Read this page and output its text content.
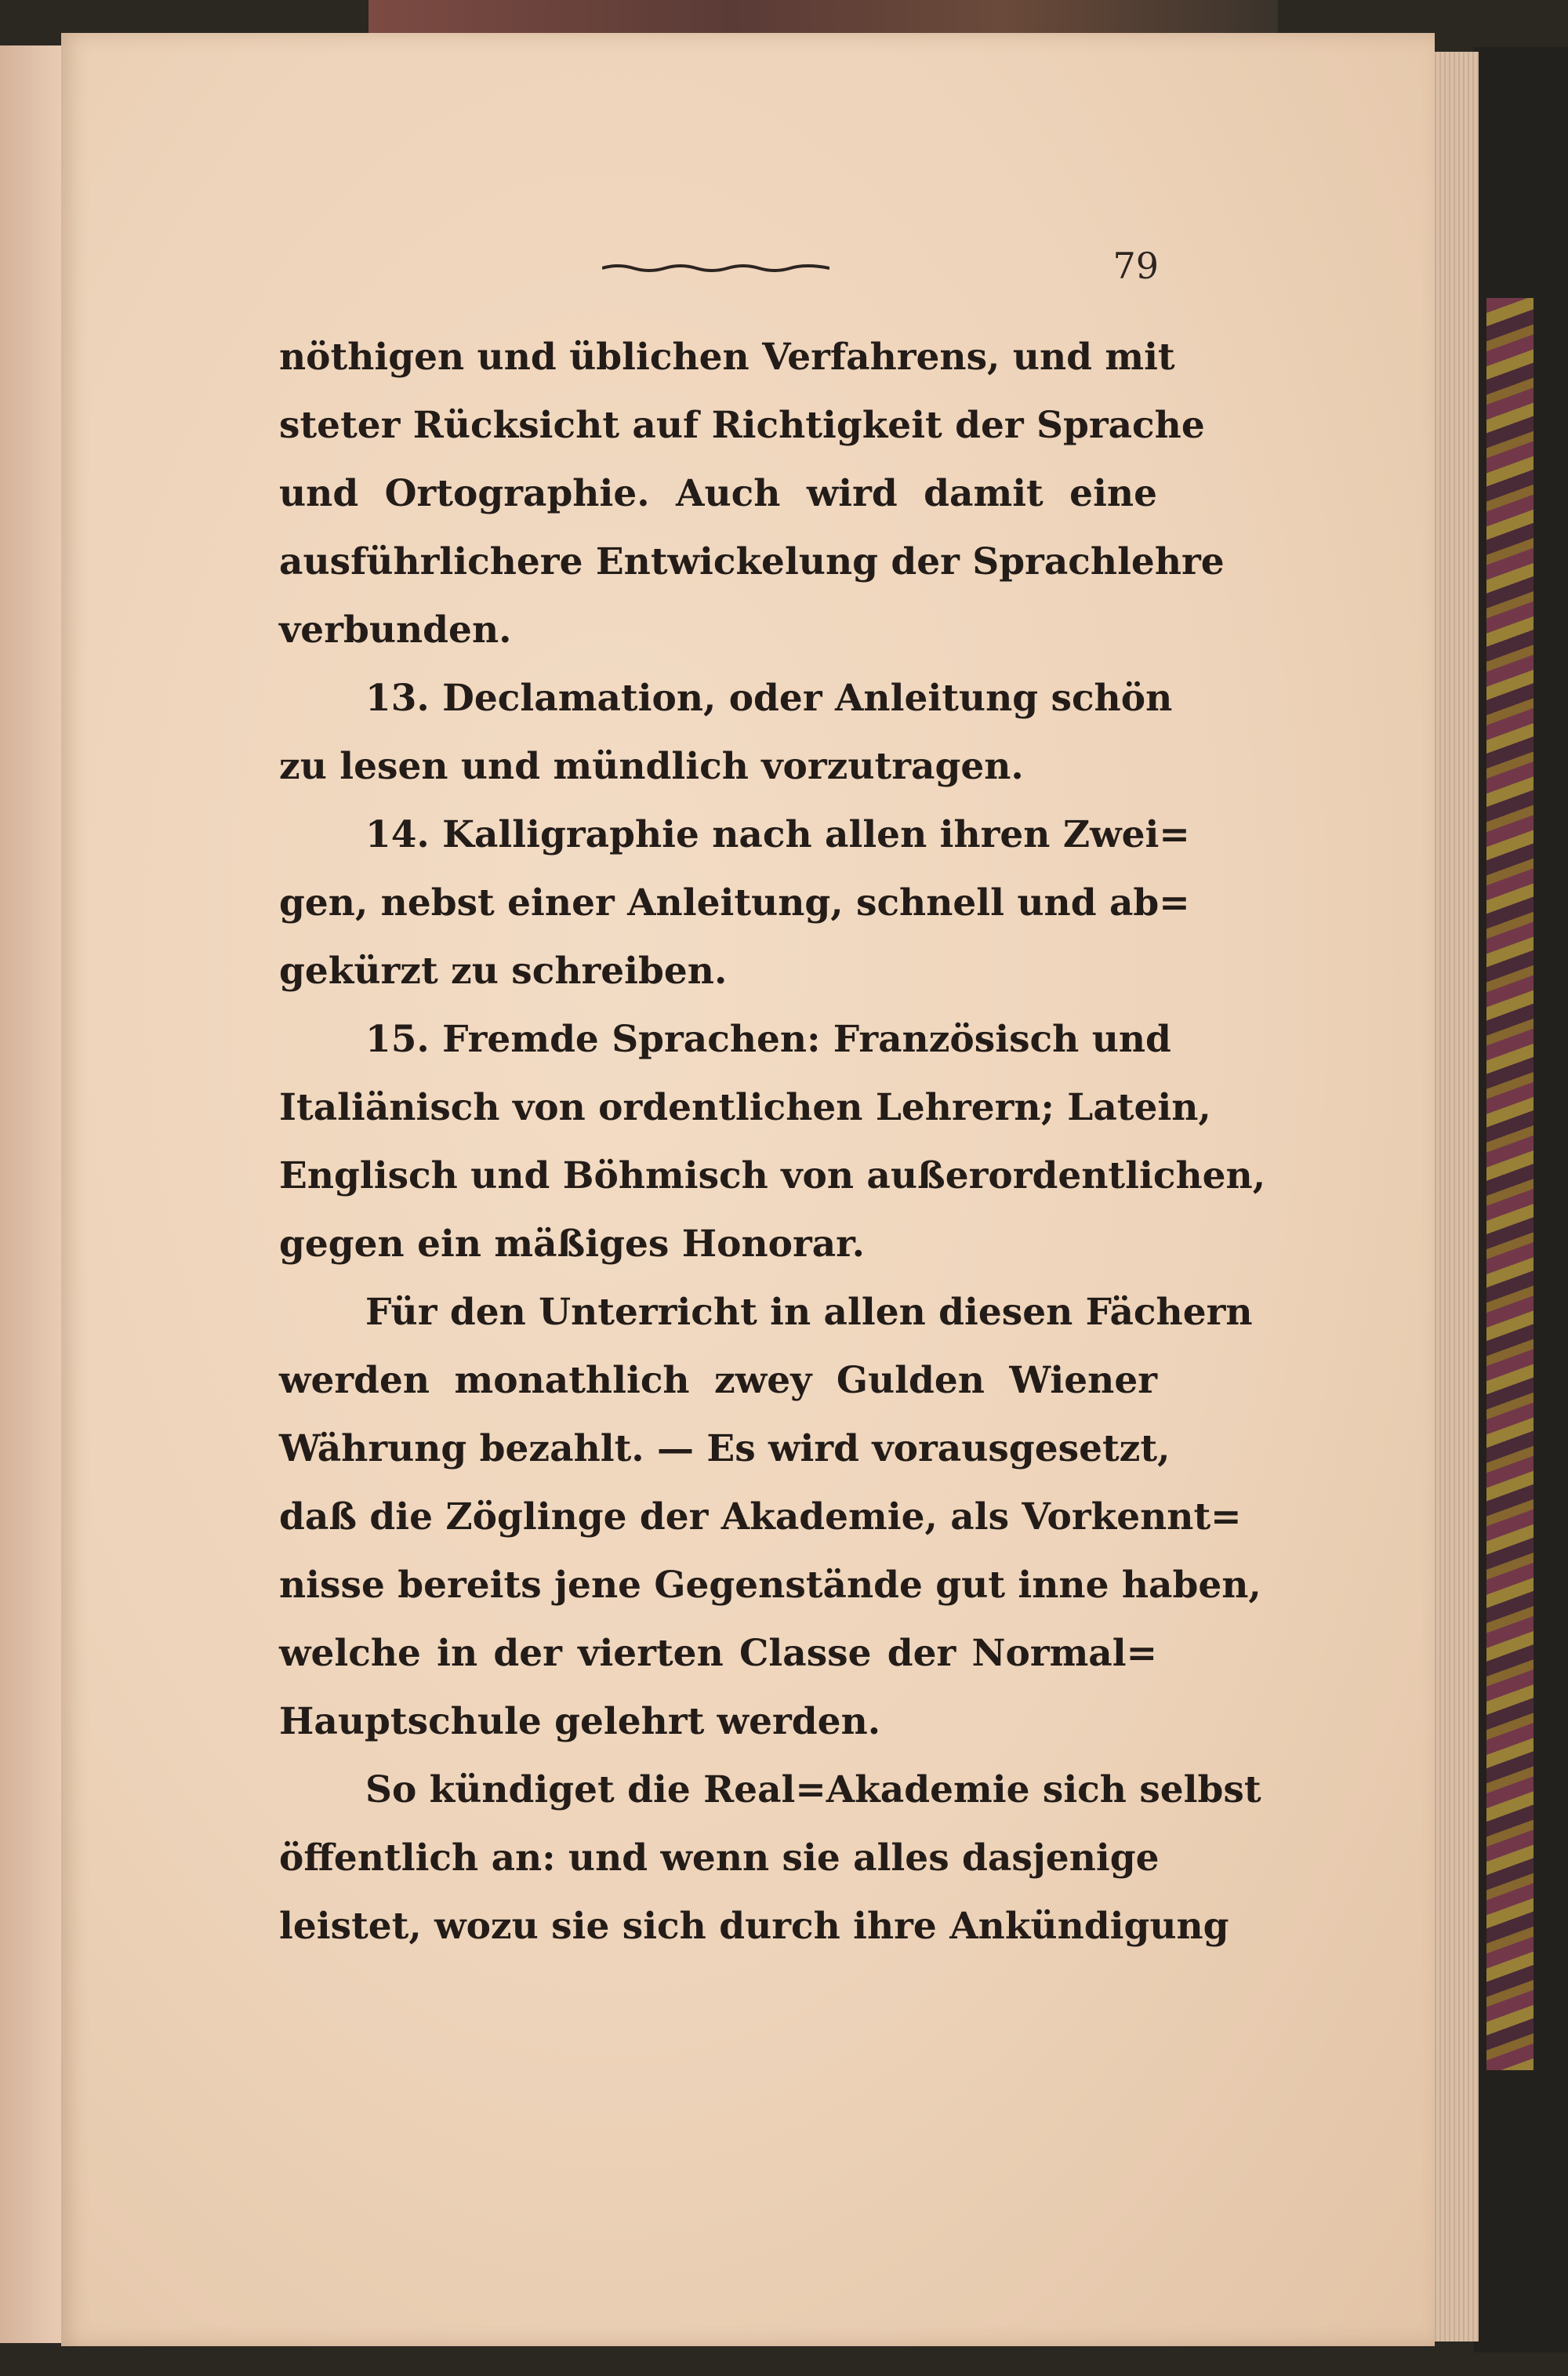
79
nöthigen und üblichen Verfahrens, und mit
steter Rücksicht auf Richtigkeit der Sprache
und Ortographie. Auch wird damit eine
ausführlichere Entwickelung der Sprachlehre
verbunden.
13. Declamation, oder Anleitung schön
zu lesen und mündlich vorzutragen.
14. Kalligraphie nach allen ihren Zwei=
gen, nebst einer Anleitung, schnell und ab=
gekürzt zu schreiben.
15. Fremde Sprachen: Französisch und
Italiänisch von ordentlichen Lehrern; Latein,
Englisch und Böhmisch von außerordentlichen,
gegen ein mäßiges Honorar.
Für den Unterricht in allen diesen Fächern
werden monathlich zwey Gulden Wiener
Währung bezahlt. — Es wird vorausgesetzt,
daß die Zöglinge der Akademie, als Vorkennt=
nisse bereits jene Gegenstände gut inne haben,
welche in der vierten Classe der Normal=
Hauptschule gelehrt werden.
So kündiget die Real=Akademie sich selbst
öffentlich an: und wenn sie alles dasjenige
leistet, wozu sie sich durch ihre Ankündigung
